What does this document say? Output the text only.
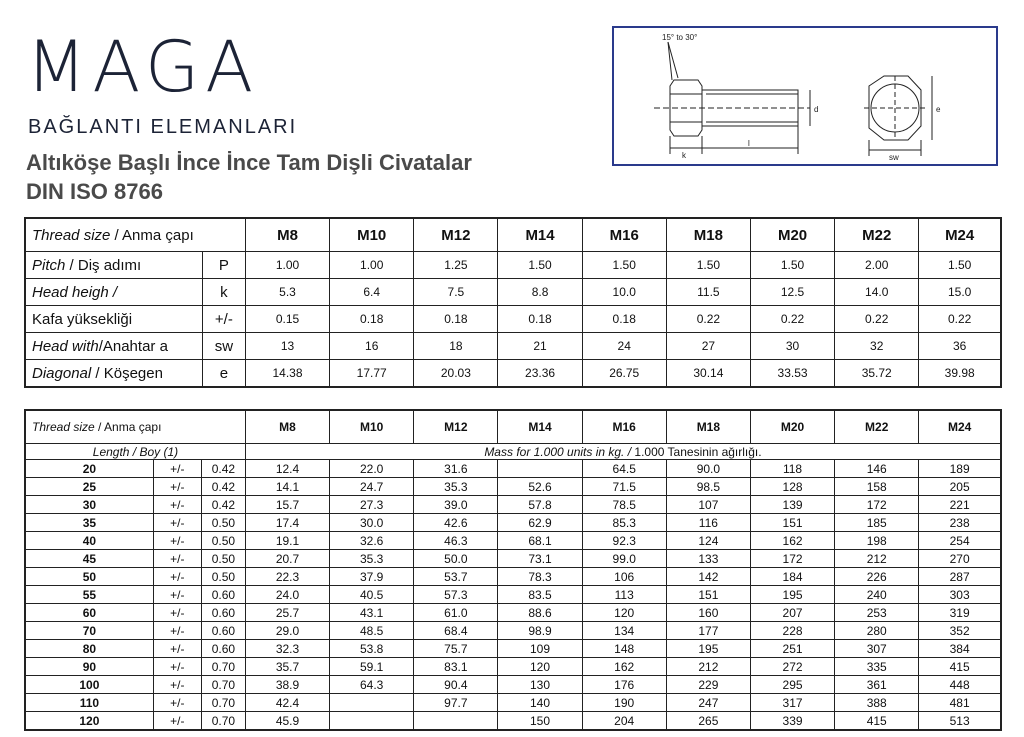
MAGA
BAĞLANTI ELEMANLARI
Altıköşe Başlı İnce İnce Tam Dişli Civatalar
DIN ISO 8766
15° to 30°
d	e
k
l
sw
Thread size / Anma çapı		M8	M10	M12	M14	M16	M18	M20	M22	M24
Pitch / Diş adımı	P	1.00	1.00	1.25	1.50	1.50	1.50	1.50	2.00	1.50
Head heigh /	k	5.3	6.4	7.5	8.8	10.0	11.5	12.5	14.0	15.0
Kafa yüksekliği	+/-	0.15	0.18	0.18	0.18	0.18	0.22	0.22	0.22	0.22
Head with/Anahtar a	sw	13	16	18	21	24	27	30	32	36
Diagonal / Köşegen	e	14.38	17.77	20.03	23.36	26.75	30.14	33.53	35.72	39.98
Thread size / Anma çapı			M8	M10	M12	M14	M16	M18	M20	M22	M24
Length / Boy (1)			Mass for 1.000 units in kg. / 1.000 Tanesinin ağırlığı.								
20	+/-	0.42	12.4	22.0	31.6		64.5	90.0	118	146	189
25	+/-	0.42	14.1	24.7	35.3	52.6	71.5	98.5	128	158	205
30	+/-	0.42	15.7	27.3	39.0	57.8	78.5	107	139	172	221
35	+/-	0.50	17.4	30.0	42.6	62.9	85.3	116	151	185	238
40	+/-	0.50	19.1	32.6	46.3	68.1	92.3	124	162	198	254
45	+/-	0.50	20.7	35.3	50.0	73.1	99.0	133	172	212	270
50	+/-	0.50	22.3	37.9	53.7	78.3	106	142	184	226	287
55	+/-	0.60	24.0	40.5	57.3	83.5	113	151	195	240	303
60	+/-	0.60	25.7	43.1	61.0	88.6	120	160	207	253	319
70	+/-	0.60	29.0	48.5	68.4	98.9	134	177	228	280	352
80	+/-	0.60	32.3	53.8	75.7	109	148	195	251	307	384
90	+/-	0.70	35.7	59.1	83.1	120	162	212	272	335	415
100	+/-	0.70	38.9	64.3	90.4	130	176	229	295	361	448
110	+/-	0.70	42.4		97.7	140	190	247	317	388	481
120	+/-	0.70	45.9			150	204	265	339	415	513
